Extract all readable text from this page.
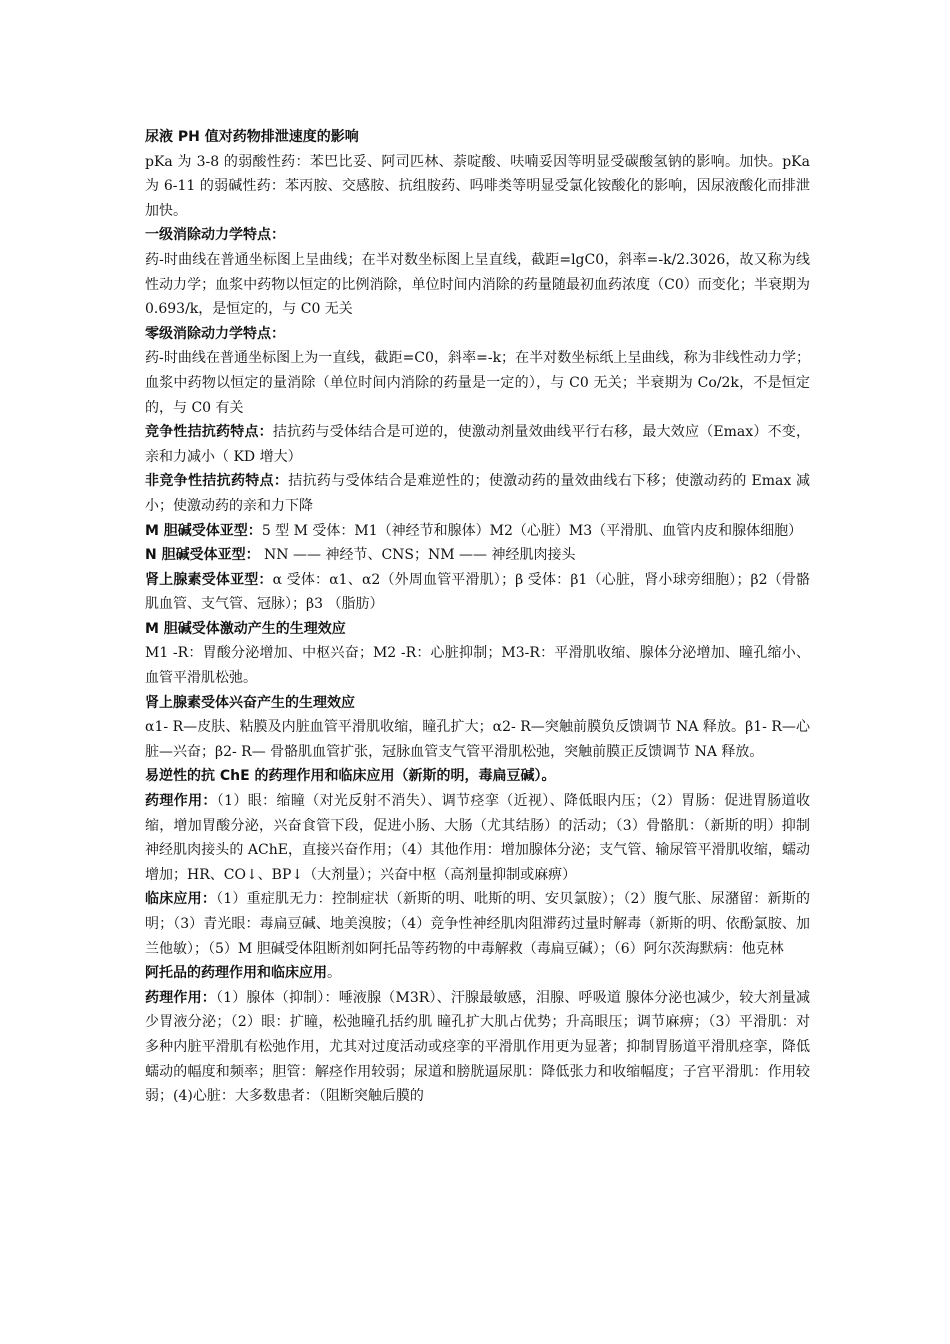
尿液 PH 值对药物排泄速度的影响

pKa 为 3-8 的弱酸性药：苯巴比妥、阿司匹林、萘啶酸、呋喃妥因等明显受碳酸氢钠的影响。加快。pKa 为 6-11 的弱碱性药：苯丙胺、交感胺、抗组胺药、吗啡类等明显受氯化铵酸化的影响，因尿液酸化而排泄加快。

一级消除动力学特点：

药-时曲线在普通坐标图上呈曲线；在半对数坐标图上呈直线，截距=lgC0，斜率=-k/2.3026，故又称为线性动力学；血浆中药物以恒定的比例消除，单位时间内消除的药量随最初血药浓度（C0）而变化；半衰期为 0.693/k，是恒定的，与 C0 无关

零级消除动力学特点：

药-时曲线在普通坐标图上为一直线，截距=C0，斜率=-k；在半对数坐标纸上呈曲线，称为非线性动力学；血浆中药物以恒定的量消除（单位时间内消除的药量是一定的），与 C0 无关；半衰期为 Co/2k，不是恒定的，与 C0 有关

竞争性拮抗药特点：拮抗药与受体结合是可逆的，使激动剂量效曲线平行右移，最大效应（Emax）不变，亲和力减小（ KD 增大）

非竞争性拮抗药特点：拮抗药与受体结合是难逆性的；使激动药的量效曲线右下移；使激动药的 Emax 减小；使激动药的亲和力下降

M 胆碱受体亚型：5 型 M 受体：M1（神经节和腺体）M2（心脏）M3（平滑肌、血管内皮和腺体细胞）

N 胆碱受体亚型： NN —— 神经节、CNS；NM —— 神经肌肉接头

肾上腺素受体亚型：α 受体：α1、α2（外周血管平滑肌）；β 受体：β1（心脏，肾小球旁细胞）；β2（骨骼肌血管、支气管、冠脉）；β3 （脂肪）

M 胆碱受体激动产生的生理效应

M1 -R：胃酸分泌增加、中枢兴奋；M2 -R：心脏抑制；M3-R：平滑肌收缩、腺体分泌增加、瞳孔缩小、血管平滑肌松弛。

肾上腺素受体兴奋产生的生理效应

α1- R—皮肤、粘膜及内脏血管平滑肌收缩，瞳孔扩大；α2- R—突触前膜负反馈调节 NA 释放。β1- R—心脏—兴奋；β2- R— 骨骼肌血管扩张，冠脉血管支气管平滑肌松弛，突触前膜正反馈调节 NA 释放。

易逆性的抗 ChE 的药理作用和临床应用（新斯的明，毒扁豆碱）。

药理作用：（1）眼：缩瞳（对光反射不消失）、调节痉挛（近视）、降低眼内压；（2）胃肠：促进胃肠道收缩，增加胃酸分泌，兴奋食管下段，促进小肠、大肠（尤其结肠）的活动；（3）骨骼肌：（新斯的明）抑制神经肌肉接头的 AChE，直接兴奋作用；（4）其他作用：增加腺体分泌；支气管、输尿管平滑肌收缩，蠕动增加；HR、CO↓、BP↓（大剂量）；兴奋中枢（高剂量抑制或麻痹）

临床应用：（1）重症肌无力：控制症状（新斯的明、吡斯的明、安贝氯胺）；（2）腹气胀、尿潴留：新斯的明；（3）青光眼：毒扁豆碱、地美溴胺；（4）竞争性神经肌肉阻滞药过量时解毒（新斯的明、依酚氯胺、加兰他敏）；（5）M 胆碱受体阻断剂如阿托品等药物的中毒解救（毒扁豆碱）；（6）阿尔茨海默病：他克林

阿托品的药理作用和临床应用。

药理作用：（1）腺体（抑制）：唾液腺（M3R）、汗腺最敏感，泪腺、呼吸道 腺体分泌也减少，较大剂量减少胃液分泌；（2）眼：扩瞳，松弛瞳孔括约肌 瞳孔扩大肌占优势；升高眼压；调节麻痹；（3）平滑肌：对多种内脏平滑肌有松弛作用，尤其对过度活动或痉挛的平滑肌作用更为显著；抑制胃肠道平滑肌痉挛，降低蠕动的幅度和频率；胆管：解痉作用较弱；尿道和膀胱逼尿肌：降低张力和收缩幅度；子宫平滑肌：作用较弱；(4)心脏：大多数患者：（阻断突触后膜的
